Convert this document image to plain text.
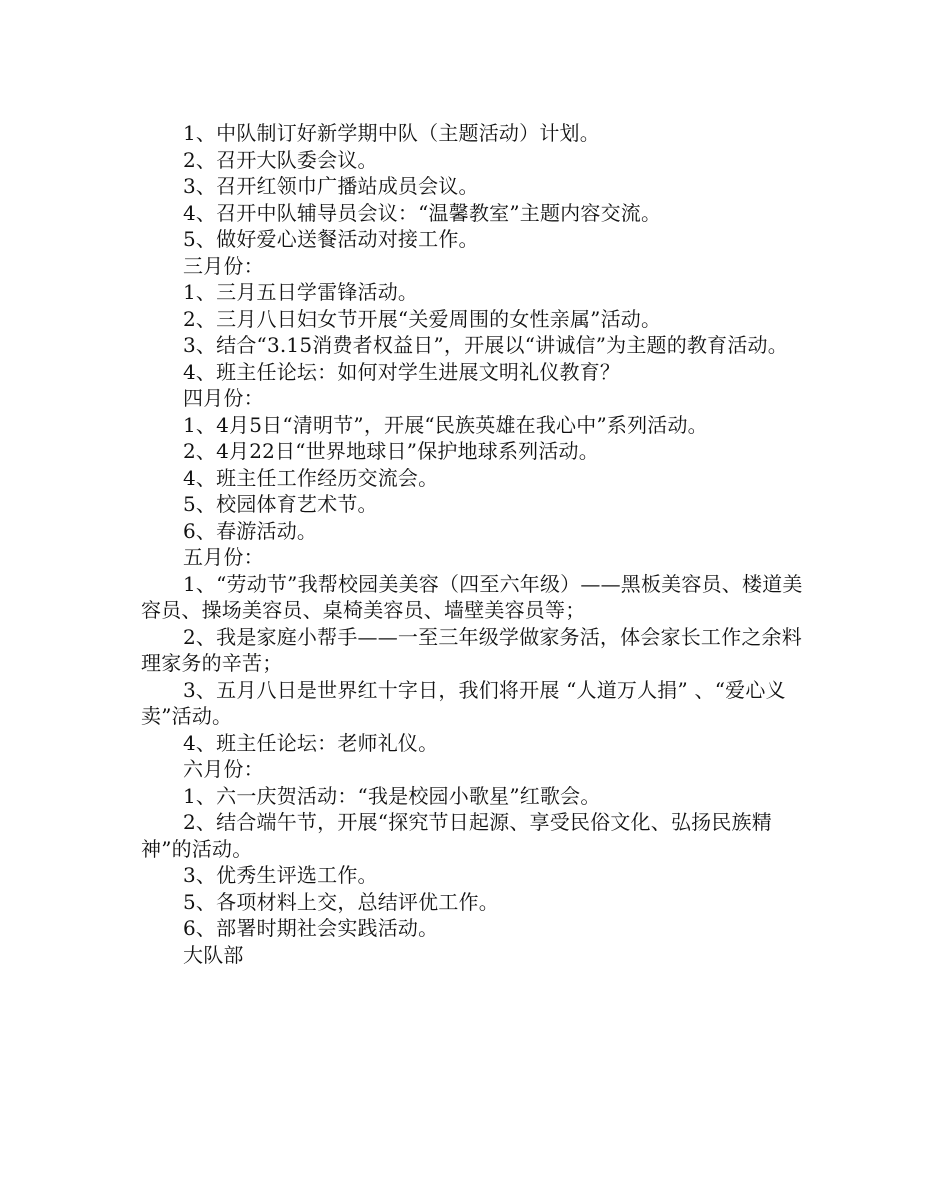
1、中队制订好新学期中队（主题活动）计划。

2、召开大队委会议。

3、召开红领巾广播站成员会议。

4、召开中队辅导员会议：“温馨教室”主题内容交流。

5、做好爱心送餐活动对接工作。

三月份：

1、三月五日学雷锋活动。

2、三月八日妇女节开展“关爱周围的女性亲属”活动。

3、结合“3.15消费者权益日”，开展以“讲诚信”为主题的教育活动。

4、班主任论坛：如何对学生进展文明礼仪教育？

四月份：

1、4月5日“清明节”，开展“民族英雄在我心中”系列活动。

2、4月22日“世界地球日”保护地球系列活动。

4、班主任工作经历交流会。

5、校园体育艺术节。

6、春游活动。

五月份：

1、“劳动节”我帮校园美美容（四至六年级）——黑板美容员、楼道美容员、操场美容员、桌椅美容员、墙壁美容员等；

2、我是家庭小帮手——一至三年级学做家务活，体会家长工作之余料理家务的辛苦；

3、五月八日是世界红十字日，我们将开展 “人道万人捐” 、“爱心义卖”活动。

4、班主任论坛：老师礼仪。

六月份：

1、六一庆贺活动：“我是校园小歌星”红歌会。

2、结合端午节，开展“探究节日起源、享受民俗文化、弘扬民族精神”的活动。

3、优秀生评选工作。

5、各项材料上交，总结评优工作。

6、部署时期社会实践活动。

大队部
